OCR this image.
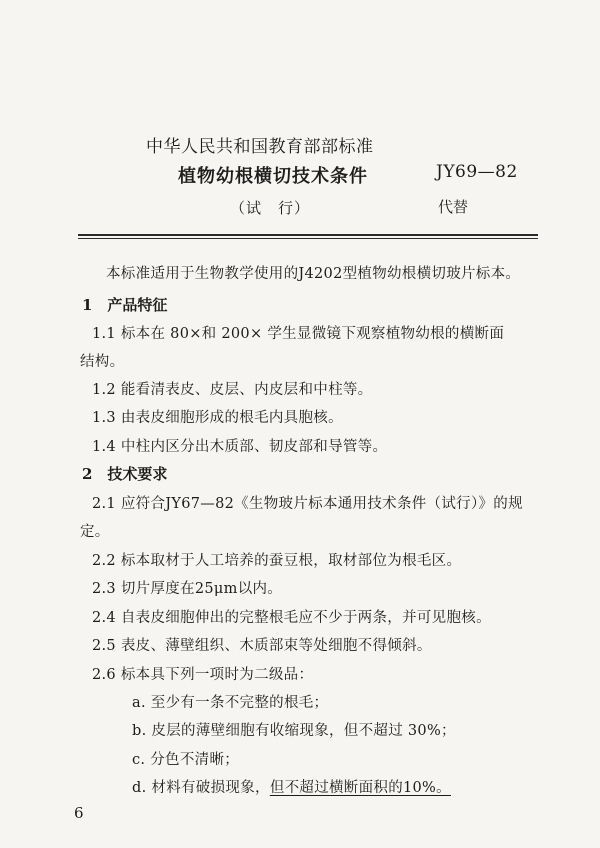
中华人民共和国教育部部标准
植物幼根横切技术条件	JY69—82
（试　行）	代替
本标准适用于生物教学使用的J4202型植物幼根横切玻片标本。
1　产品特征
1.1 标本在 80×和 200× 学生显微镜下观察植物幼根的横断面
结构。
1.2 能看清表皮、皮层、内皮层和中柱等。
1.3 由表皮细胞形成的根毛内具胞核。
1.4 中柱内区分出木质部、韧皮部和导管等。
2　技术要求
2.1 应符合JY67—82《生物玻片标本通用技术条件（试行）》的规
定。
2.2 标本取材于人工培养的蚕豆根，取材部位为根毛区。
2.3 切片厚度在25μm以内。
2.4 自表皮细胞伸出的完整根毛应不少于两条，并可见胞核。
2.5 表皮、薄壁组织、木质部束等处细胞不得倾斜。
2.6 标本具下列一项时为二级品：
a. 至少有一条不完整的根毛；
b. 皮层的薄壁细胞有收缩现象，但不超过 30%；
c. 分色不清晰；
d. 材料有破损现象，但不超过横断面积的10%。
6
